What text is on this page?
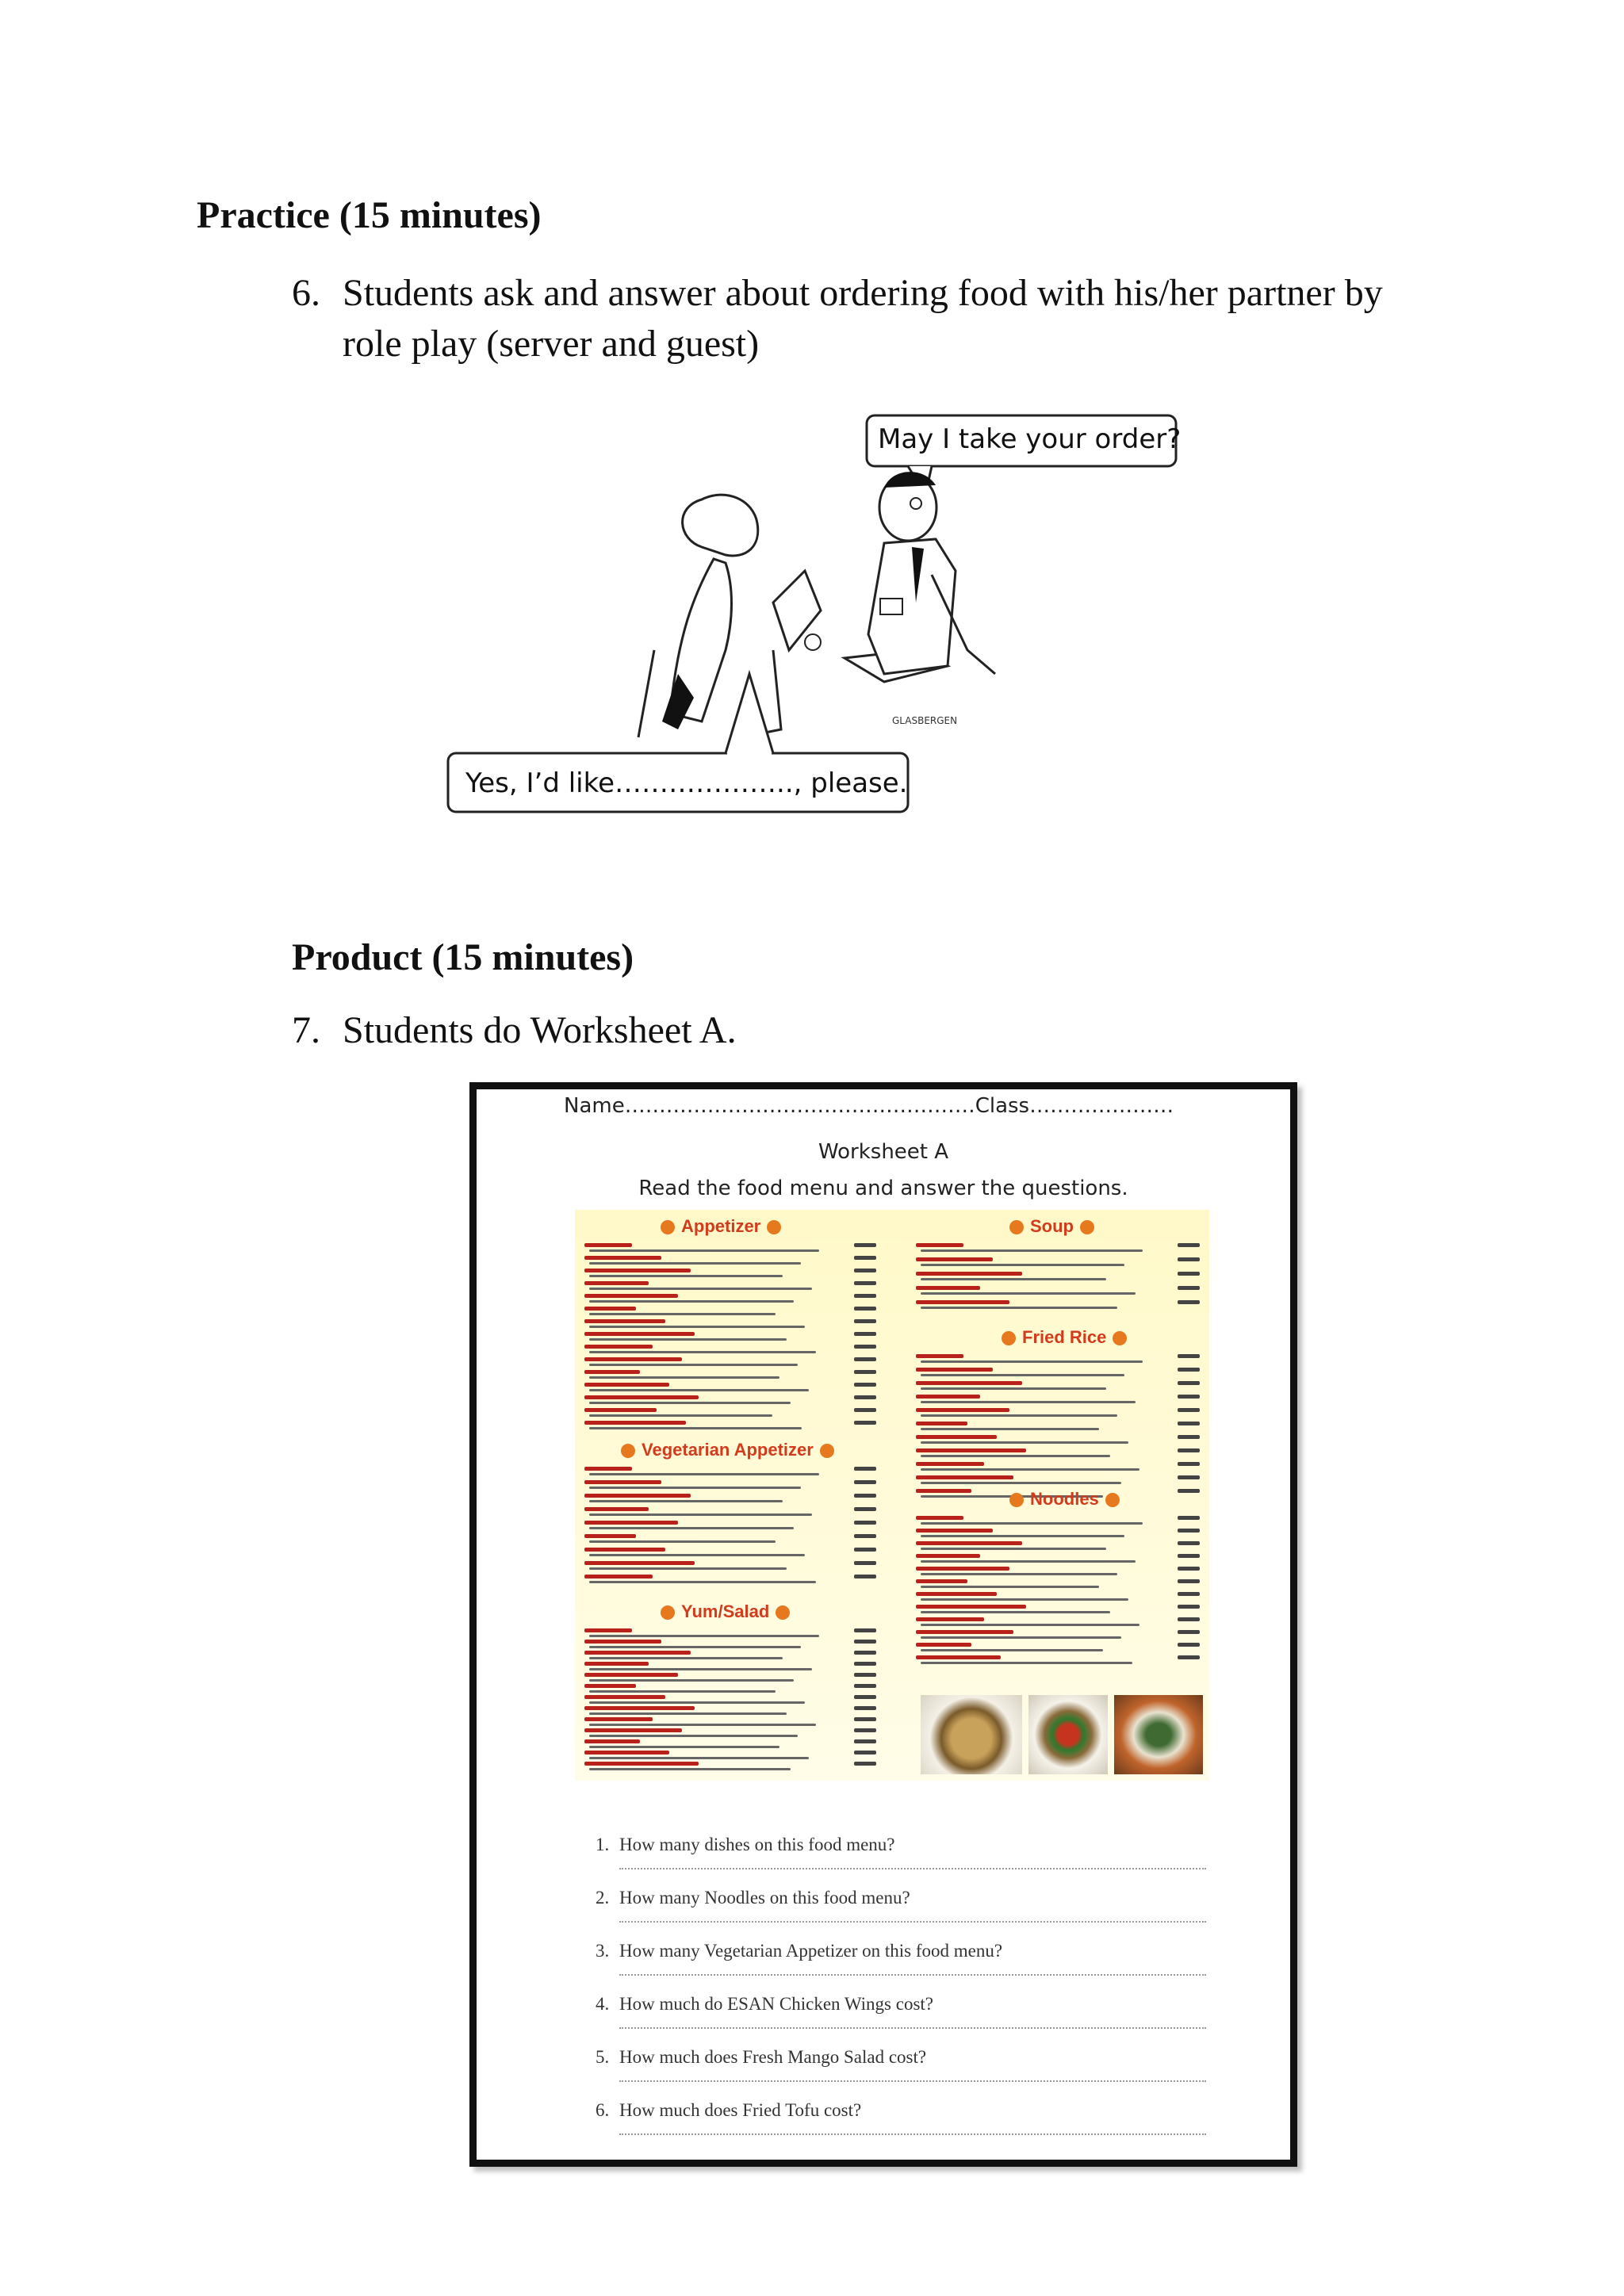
Practice (15 minutes)
6. Students ask and answer about ordering food with his/her partner by
role play (server and guest)
May I take your order?
Yes, I’d like……………….., please.
GLASBERGEN
Product (15 minutes)
7. Students do Worksheet A.
Name……………………………………………Class…………………
Worksheet A
Read the food menu and answer the questions.
Appetizer
Vegetarian Appetizer
Yum/Salad
Soup
Fried Rice
Noodles
1. How many dishes on this food menu?
2. How many Noodles on this food menu?
3. How many Vegetarian Appetizer on this food menu?
4. How much do ESAN Chicken Wings cost?
5. How much does Fresh Mango Salad cost?
6. How much does Fried Tofu cost?
